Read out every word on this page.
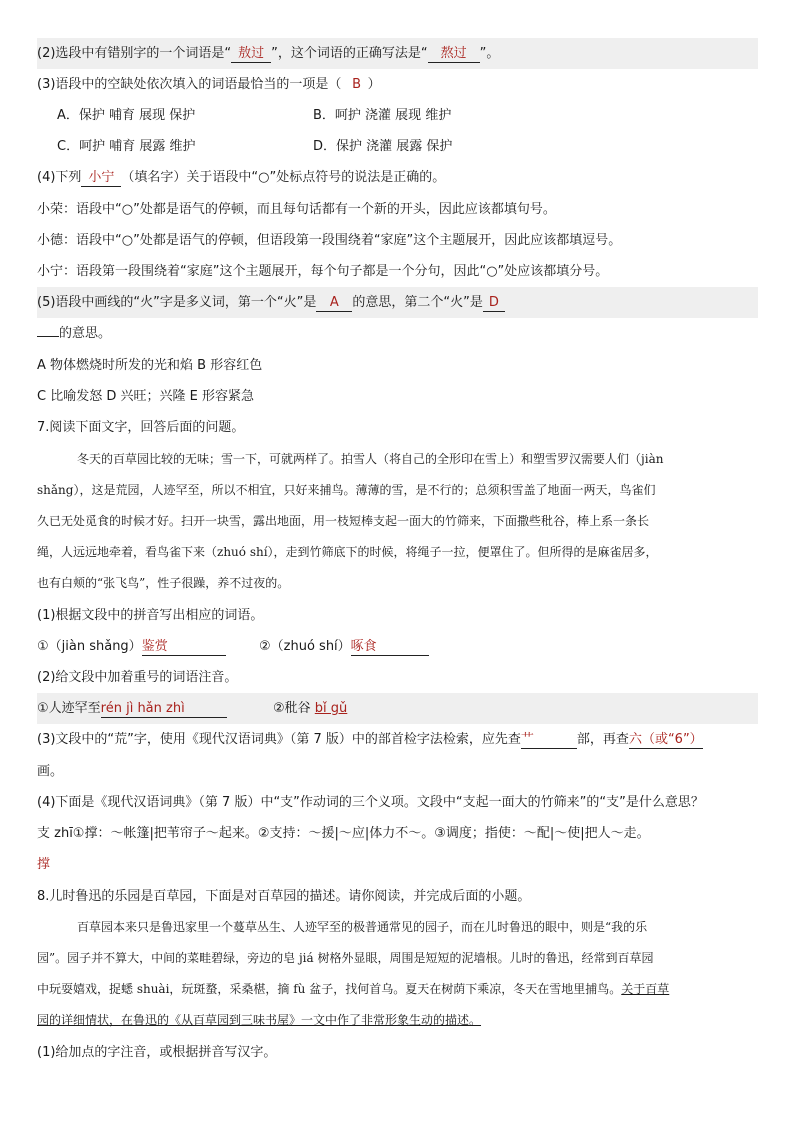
(2)选段中有错别字的一个词语是“ 敖过 ”，这个词语的正确写法是“ 熬过 ”。
(3)语段中的空缺处依次填入的词语最恰当的一项是（ B ）
A．保护 哺育 展现 保护	B．呵护 浇灌 展现 维护
C．呵护 哺育 展露 维护	D．保护 浇灌 展露 保护
(4)下列 小宁 （填名字）关于语段中“○”处标点符号的说法是正确的。
小荣：语段中“○”处都是语气的停顿，而且每句话都有一个新的开头，因此应该都填句号。
小德：语段中“○”处都是语气的停顿，但语段第一段围绕着“家庭”这个主题展开，因此应该都填逗号。
小宁：语段第一段围绕着“家庭”这个主题展开，每个句子都是一个分句，因此“○”处应该都填分号。
(5)语段中画线的“火”字是多义词，第一个“火”是 A 的意思，第二个“火”是 D
的意思。
A 物体燃烧时所发的光和焰 B 形容红色
C 比喻发怒 D 兴旺；兴隆 E 形容紧急
7.阅读下面文字，回答后面的问题。
冬天的百草园比较的无味；雪一下，可就两样了。拍雪人（将自己的全形印在雪上）和塑雪罗汉需要人们（jiàn
shǎng），这是荒园，人迹罕至，所以不相宜，只好来捕鸟。薄薄的雪，是不行的；总须积雪盖了地面一两天，鸟雀们
久已无处觅食的时候才好。扫开一块雪，露出地面，用一枝短棒支起一面大的竹筛来，下面撒些秕谷，棒上系一条长
绳，人远远地牵着，看鸟雀下来（zhuó shí），走到竹筛底下的时候，将绳子一拉，便罩住了。但所得的是麻雀居多，
也有白颊的“张飞鸟”，性子很躁，养不过夜的。
(1)根据文段中的拼音写出相应的词语。
①（jiàn shǎng）鉴赏	②（zhuó shí）啄食
(2)给文段中加着重号的词语注音。
①人迹罕至rén jì hǎn zhì	②秕谷 bǐ gǔ
(3)文段中的“荒”字，使用《现代汉语词典》（第 7 版）中的部首检字法检索，应先查艹	部，再查六（或“6”）
画。
(4)下面是《现代汉语词典》（第 7 版）中“支”作动词的三个义项。文段中“支起一面大的竹筛来”的“支”是什么意思？
支 zhī①撑：～帐篷|把苇帘子～起来。②支持：～援|～应|体力不～。③调度；指使：～配|～使|把人～走。
撑
8.儿时鲁迅的乐园是百草园，下面是对百草园的描述。请你阅读，并完成后面的小题。
百草园本来只是鲁迅家里一个蔓草丛生、人迹罕至的极普通常见的园子，而在儿时鲁迅的眼中，则是“我的乐
园”。园子并不算大，中间的菜畦碧绿，旁边的皂 jiá 树格外显眼，周围是短短的泥墙根。儿时的鲁迅，经常到百草园
中玩耍嬉戏，捉蟋 shuài，玩斑蝥，采桑椹，摘 fù 盆子，找何首乌。夏天在树荫下乘凉，冬天在雪地里捕鸟。关于百草
园的详细情状，在鲁迅的《从百草园到三味书屋》一文中作了非常形象生动的描述。
(1)给加点的字注音，或根据拼音写汉字。
